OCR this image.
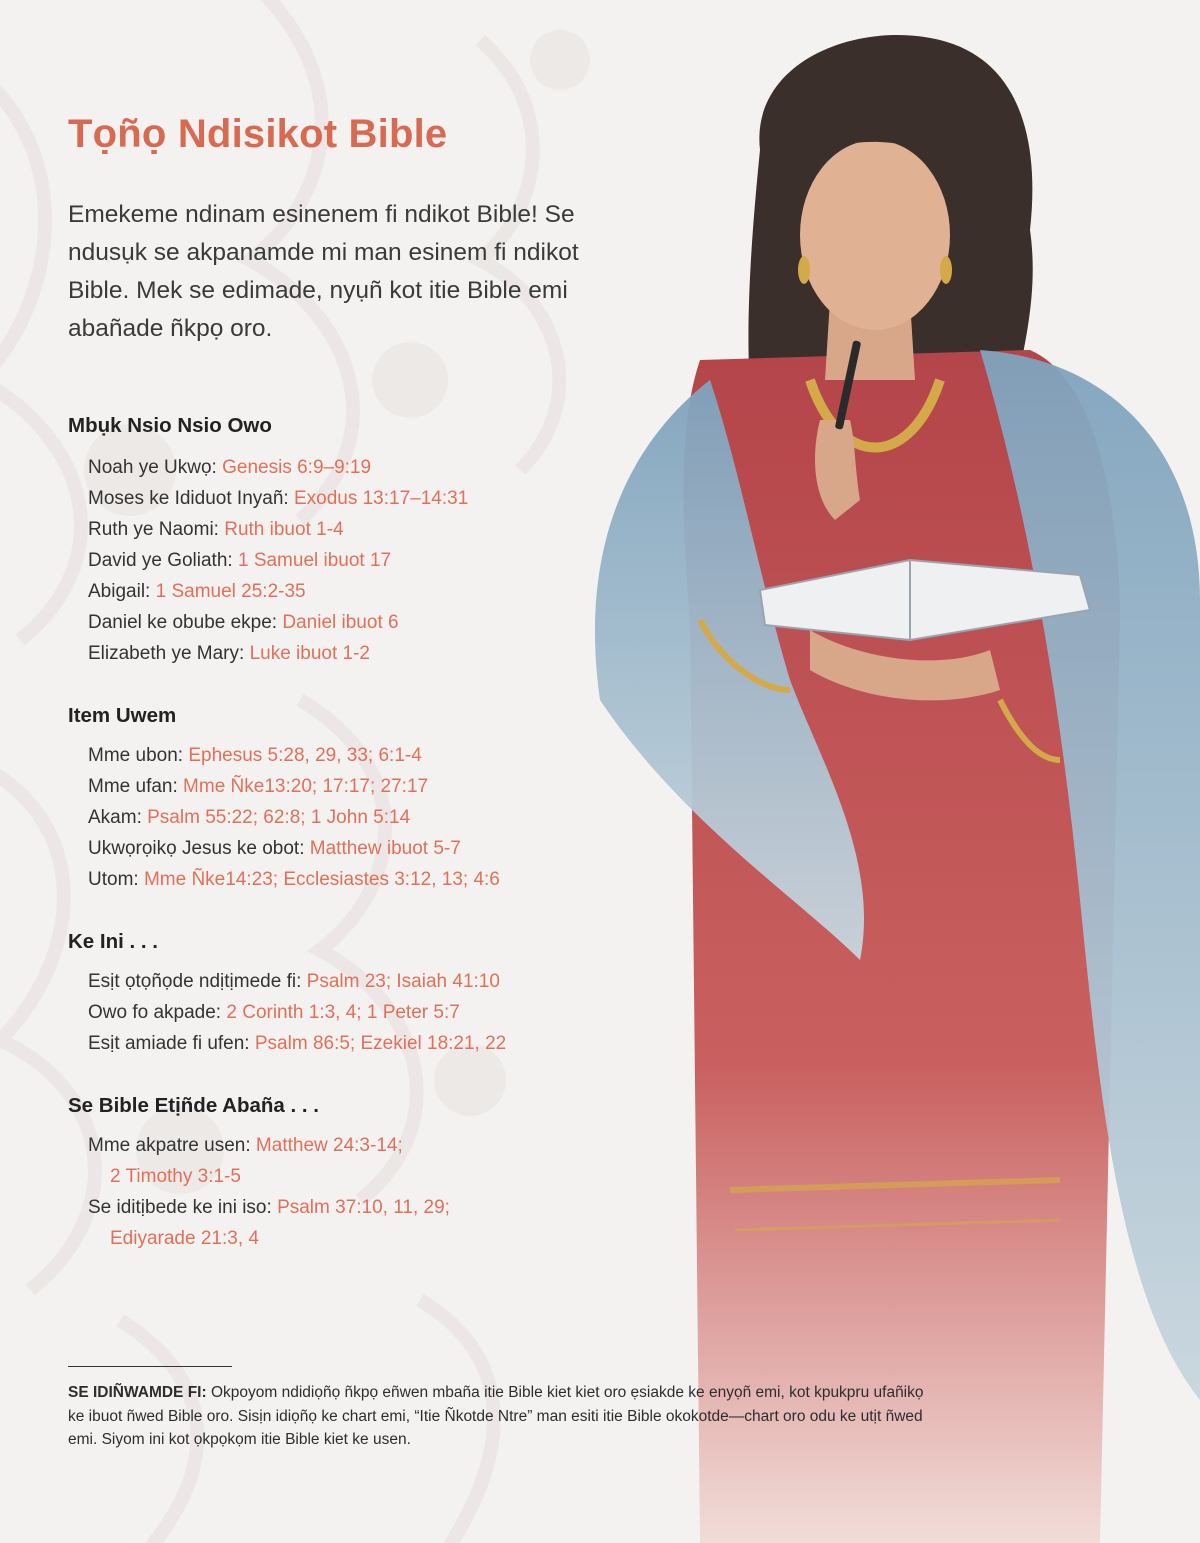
Tọñọ Ndisikot Bible

Emekeme ndinam esinenem fi ndikot Bible! Se ndusụk se akpanamde mi man esinem fi ndikot Bible. Mek se edimade, nyụñ kot itie Bible emi abañade ñkpọ oro.

Mbụk Nsio Nsio Owo
Noah ye Ukwọ: Genesis 6:9–9:19
Moses ke Ididuot Inyañ: Exodus 13:17–14:31
Ruth ye Naomi: Ruth ibuot 1-4
David ye Goliath: 1 Samuel ibuot 17
Abigail: 1 Samuel 25:2-35
Daniel ke obube ekpe: Daniel ibuot 6
Elizabeth ye Mary: Luke ibuot 1-2
Item Uwem
Mme ubon: Ephesus 5:28, 29, 33; 6:1-4
Mme ufan: Mme Ñke13:20; 17:17; 27:17
Akam: Psalm 55:22; 62:8; 1 John 5:14
Ukwọrọikọ Jesus ke obot: Matthew ibuot 5-7
Utom: Mme Ñke14:23; Ecclesiastes 3:12, 13; 4:6
Ke Ini . . .
Esịt ọtọñọde ndịtịmede fi: Psalm 23; Isaiah 41:10
Owo fo akpade: 2 Corinth 1:3, 4; 1 Peter 5:7
Esịt amiade fi ufen: Psalm 86:5; Ezekiel 18:21, 22
Se Bible Etịñde Abaña . . .
Mme akpatre usen: Matthew 24:3-14;
2 Timothy 3:1-5
Se iditịbede ke ini iso: Psalm 37:10, 11, 29;
Ediyarade 21:3, 4

SE IDIÑWAMDE FI: Okpoyom ndidiọñọ ñkpọ eñwen mbaña itie Bible kiet kiet oro ẹsiakde ke enyọñ emi, kot kpukpru ufañikọ ke ibuot ñwed Bible oro. Sisịn idiọñọ ke chart emi, “Itie Ñkotde Ntre” man esiti itie Bible okokotde—chart oro odu ke utịt ñwed emi. Siyom ini kot ọkpọkọm itie Bible kiet ke usen.
